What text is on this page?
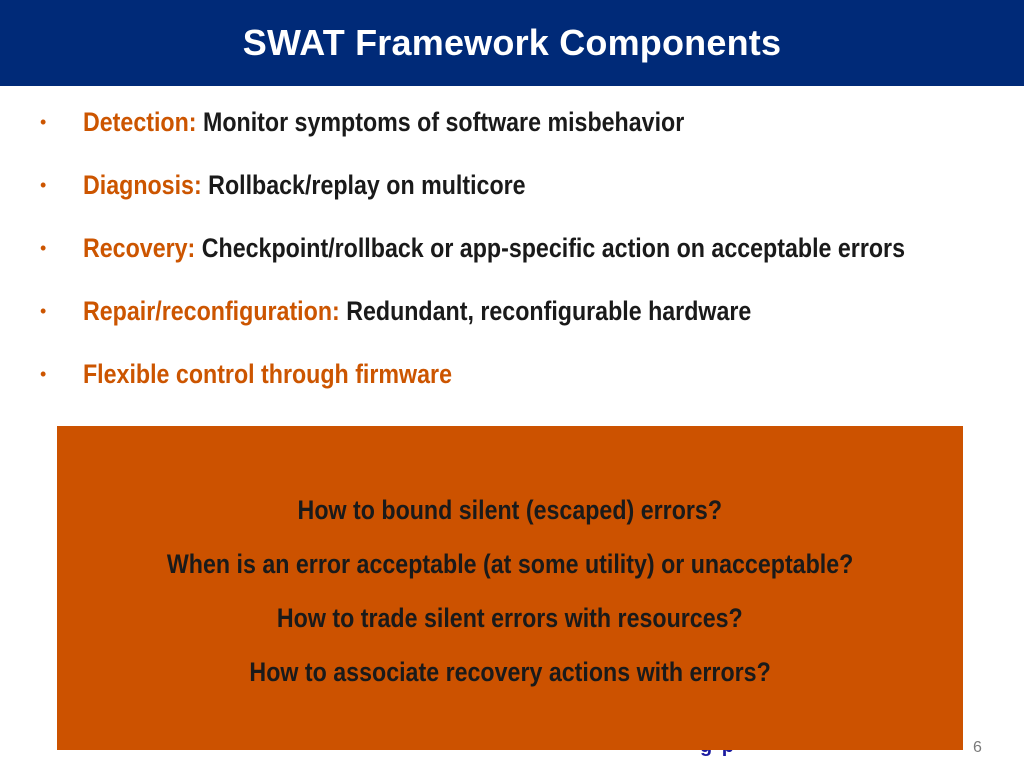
SWAT Framework Components
•	Detection: Monitor symptoms of software misbehavior
•	Diagnosis: Rollback/replay on multicore
•	Recovery: Checkpoint/rollback or app-specific action on acceptable errors
•	Repair/reconfiguration: Redundant, reconfigurable hardware
•	Flexible control through firmware
How to bound silent (escaped) errors?
When is an error acceptable (at some utility) or unacceptable?
How to trade silent errors with resources?
How to associate recovery actions with errors?
6
